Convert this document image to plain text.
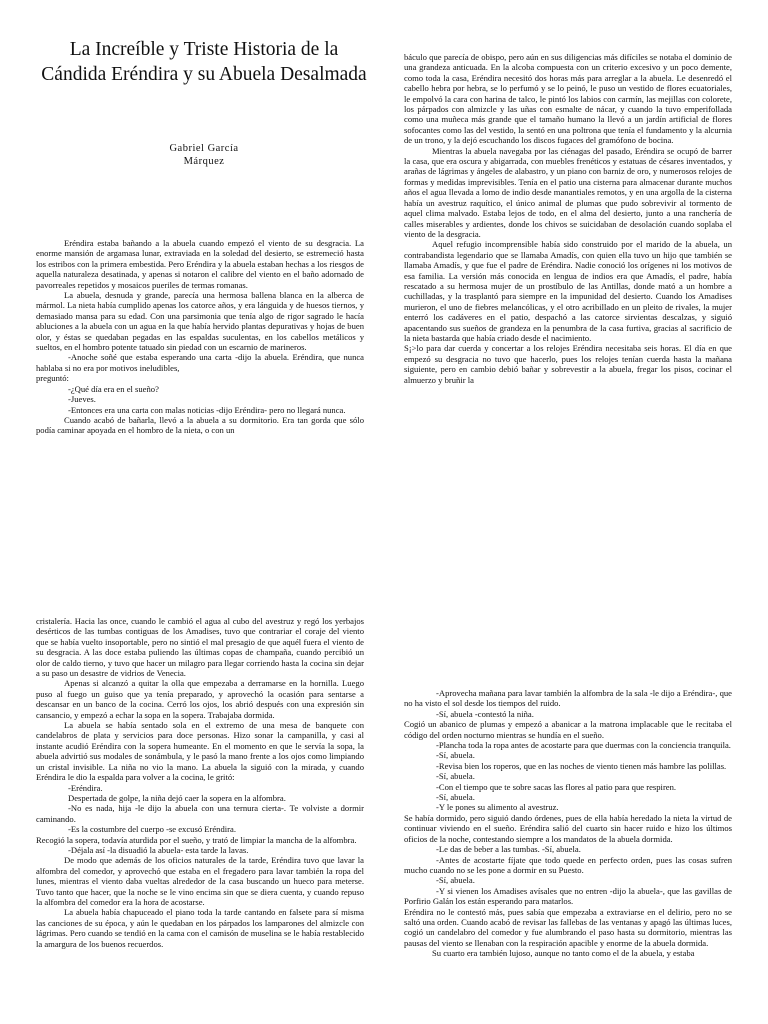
La Increíble y Triste Historia de la Cándida Eréndira y su Abuela Desalmada
Gabriel García
Márquez

Eréndira estaba bañando a la abuela cuando empezó el viento de su desgracia. La enorme mansión de argamasa lunar, extraviada en la soledad del desierto, se estremeció hasta los estribos con la primera embestida. Pero Eréndira y la abuela estaban hechas a los riesgos de aquella naturaleza desatinada, y apenas si notaron el calibre del viento en el baño adornado de pavorreales repetidos y mosaicos pueriles de termas romanas.

La abuela, desnuda y grande, parecía una hermosa ballena blanca en la alberca de mármol. La nieta había cumplido apenas los catorce años, y era lánguida y de huesos tiernos, y demasiado mansa para su edad. Con una parsimonia que tenía algo de rigor sagrado le hacía abluciones a la abuela con un agua en la que había hervido plantas depurativas y hojas de buen olor, y éstas se quedaban pegadas en las espaldas suculentas, en los cabellos metálicos y sueltos, en el hombro potente tatuado sin piedad con un escarnio de marineros.

-Anoche soñé que estaba esperando una carta -dijo la abuela. Eréndira, que nunca hablaba si no era por motivos ineludibles,

preguntó:

-¿Qué día era en el sueño?

-Jueves.

-Entonces era una carta con malas noticias -dijo Eréndira- pero no llegará nunca.

Cuando acabó de bañarla, llevó a la abuela a su dormitorio. Era tan gorda que sólo podía caminar apoyada en el hombro de la nieta, o con un

báculo que parecía de obispo, pero aún en sus diligencias más difíciles se notaba el dominio de una grandeza anticuada. En la alcoba compuesta con un criterio excesivo y un poco demente, como toda la casa, Eréndira necesitó dos horas más para arreglar a la abuela. Le desenredó el cabello hebra por hebra, se lo perfumó y se lo peinó, le puso un vestido de flores ecuatoriales, le empolvó la cara con harina de talco, le pintó los labios con carmín, las mejillas con colorete, los párpados con almizcle y las uñas con esmalte de nácar, y cuando la tuvo emperifollada como una muñeca más grande que el tamaño humano la llevó a un jardín artificial de flores sofocantes como las del vestido, la sentó en una poltrona que tenía el fundamento y la alcurnia de un trono, y la dejó escuchando los discos fugaces del gramófono de bocina.

Mientras la abuela navegaba por las ciénagas del pasado, Eréndira se ocupó de barrer la casa, que era oscura y abigarrada, con muebles frenéticos y estatuas de césares inventados, y arañas de lágrimas y ángeles de alabastro, y un piano con barniz de oro, y numerosos relojes de formas y medidas imprevisibles. Tenía en el patio una cisterna para almacenar durante muchos años el agua llevada a lomo de indio desde manantiales remotos, y en una argolla de la cisterna había un avestruz raquítico, el único animal de plumas que pudo sobrevivir al tormento de aquel clima malvado. Estaba lejos de todo, en el alma del desierto, junto a una ranchería de calles miserables y ardientes, donde los chivos se suicidaban de desolación cuando soplaba el viento de la desgracia.

Aquel refugio incomprensible había sido construido por el marido de la abuela, un contrabandista legendario que se llamaba Amadís, con quien ella tuvo un hijo que también se llamaba Amadís, y que fue el padre de Eréndira. Nadie conoció los orígenes ni los motivos de esa familia. La versión más conocida en lengua de indios era que Amadís, el padre, había rescatado a su hermosa mujer de un prostíbulo de las Antillas, donde mató a un hombre a cuchilladas, y la trasplantó para siempre en la impunidad del desierto. Cuando los Amadises murieron, el uno de fiebres melancólicas, y el otro acribillado en un pleito de rivales, la mujer enterró los cadáveres en el patio, despachó a las catorce sirvientas descalzas, y siguió apacentando sus sueños de grandeza en la penumbra de la casa furtiva, gracias al sacrificio de la nieta bastarda que había criado desde el nacimiento.

S¡>lo para dar cuerda y concertar a los relojes Eréndira necesitaba seis horas. El día en que empezó su desgracia no tuvo que hacerlo, pues los relojes tenían cuerda hasta la mañana siguiente, pero en cambio debió bañar y sobrevestir a la abuela, fregar los pisos, cocinar el almuerzo y bruñir la

cristalería. Hacia las once, cuando le cambió el agua al cubo del avestruz y regó los yerbajos desérticos de las tumbas contiguas de los Amadises, tuvo que contrariar el coraje del viento que se había vuelto insoportable, pero no sintió el mal presagio de que aquél fuera el viento de su desgracia. A las doce estaba puliendo las últimas copas de champaña, cuando percibió un olor de caldo tierno, y tuvo que hacer un milagro para llegar corriendo hasta la cocina sin dejar a su paso un desastre de vidrios de Venecia.

Apenas si alcanzó a quitar la olla que empezaba a derramarse en la hornilla. Luego puso al fuego un guiso que ya tenía preparado, y aprovechó la ocasión para sentarse a descansar en un banco de la cocina. Cerró los ojos, los abrió después con una expresión sin cansancio, y empezó a echar la sopa en la sopera. Trabajaba dormida.

La abuela se había sentado sola en el extremo de una mesa de banquete con candelabros de plata y servicios para doce personas. Hizo sonar la campanilla, y casi al instante acudió Eréndira con la sopera humeante. En el momento en que le servía la sopa, la abuela advirtió sus modales de sonámbula, y le pasó la mano frente a los ojos como limpiando un cristal invisible. La niña no vio la mano. La abuela la siguió con la mirada, y cuando Eréndira le dio la espalda para volver a la cocina, le gritó:

-Eréndira.

Despertada de golpe, la niña dejó caer la sopera en la alfombra.

-No es nada, hija -le dijo la abuela con una ternura cierta-. Te volviste a dormir caminando.

-Es la costumbre del cuerpo -se excusó Eréndira.

Recogió la sopera, todavía aturdida por el sueño, y trató de limpiar la mancha de la alfombra.

-Déjala así -la disuadió la abuela- esta tarde la lavas.

De modo que además de los oficios naturales de la tarde, Eréndira tuvo que lavar la alfombra del comedor, y aprovechó que estaba en el fregadero para lavar también la ropa del lunes, mientras el viento daba vueltas alrededor de la casa buscando un hueco para meterse. Tuvo tanto que hacer, que la noche se le vino encima sin que se diera cuenta, y cuando repuso la alfombra del comedor era la hora de acostarse.

La abuela había chapuceado el piano toda la tarde cantando en falsete para sí misma las canciones de su época, y aún le quedaban en los párpados los lamparones del almizcle con lágrimas. Pero cuando se tendió en la cama con el camisón de muselina se le había restablecido la amargura de los buenos recuerdos.

-Aprovecha mañana para lavar también la alfombra de la sala -le dijo a Eréndira-, que no ha visto el sol desde los tiempos del ruido.

-Sí, abuela -contestó la niña.

Cogió un abanico de plumas y empezó a abanicar a la matrona implacable que le recitaba el código del orden nocturno mientras se hundía en el sueño.

-Plancha toda la ropa antes de acostarte para que duermas con la conciencia tranquila.

-Sí, abuela.

-Revisa bien los roperos, que en las noches de viento tienen más hambre las polillas.

-Sí, abuela.

-Con el tiempo que te sobre sacas las flores al patio para que respiren.

-Sí, abuela.

-Y le pones su alimento al avestruz.

Se había dormido, pero siguió dando órdenes, pues de ella había heredado la nieta la virtud de continuar viviendo en el sueño. Eréndira salió del cuarto sin hacer ruido e hizo los últimos oficios de la noche, contestando siempre a los mandatos de la abuela dormida.

-Le das de beber a las tumbas. -Sí, abuela.

-Antes de acostarte fíjate que todo quede en perfecto orden, pues las cosas sufren mucho cuando no se les pone a dormir en su Puesto.

-Sí, abuela.

-Y si vienen los Amadises avísales que no entren -dijo la abuela-, que las gavillas de Porfirio Galán los están esperando para matarlos.

Eréndira no le contestó más, pues sabía que empezaba a extraviarse en el delirio, pero no se saltó una orden. Cuando acabó de revisar las fallebas de las ventanas y apagó las últimas luces, cogió un candelabro del comedor y fue alumbrando el paso hasta su dormitorio, mientras las pausas del viento se llenaban con la respiración apacible y enorme de la abuela dormida.

Su cuarto era también lujoso, aunque no tanto como el de la abuela, y estaba
